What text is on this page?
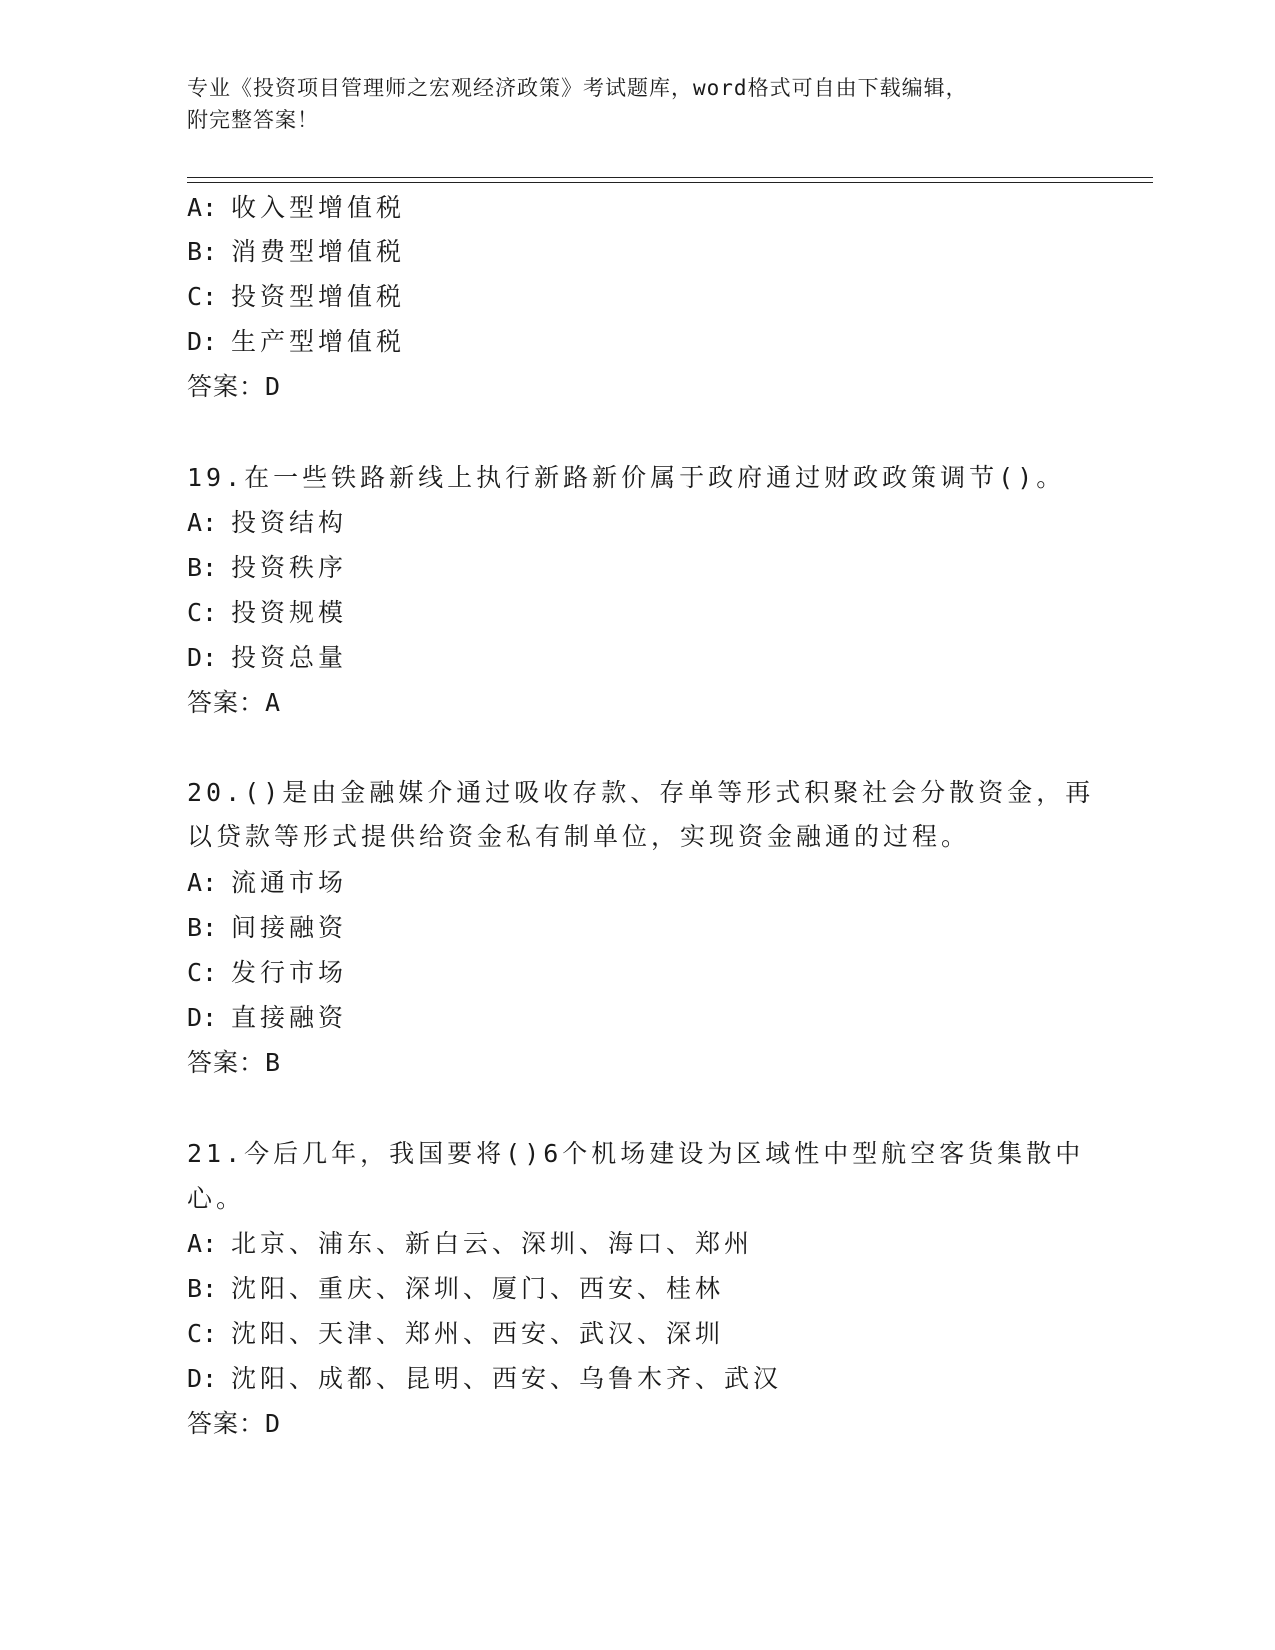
专业《投资项目管理师之宏观经济政策》考试题库，word格式可自由下载编辑，
附完整答案！
A: 收入型增值税
B: 消费型增值税
C: 投资型增值税
D: 生产型增值税
答案：D
19.在一些铁路新线上执行新路新价属于政府通过财政政策调节()。
A: 投资结构
B: 投资秩序
C: 投资规模
D: 投资总量
答案：A
20.()是由金融媒介通过吸收存款、存单等形式积聚社会分散资金，再
以贷款等形式提供给资金私有制单位，实现资金融通的过程。
A: 流通市场
B: 间接融资
C: 发行市场
D: 直接融资
答案：B
21.今后几年，我国要将()6个机场建设为区域性中型航空客货集散中
心。
A: 北京、浦东、新白云、深圳、海口、郑州
B: 沈阳、重庆、深圳、厦门、西安、桂林
C: 沈阳、天津、郑州、西安、武汉、深圳
D: 沈阳、成都、昆明、西安、乌鲁木齐、武汉
答案：D
